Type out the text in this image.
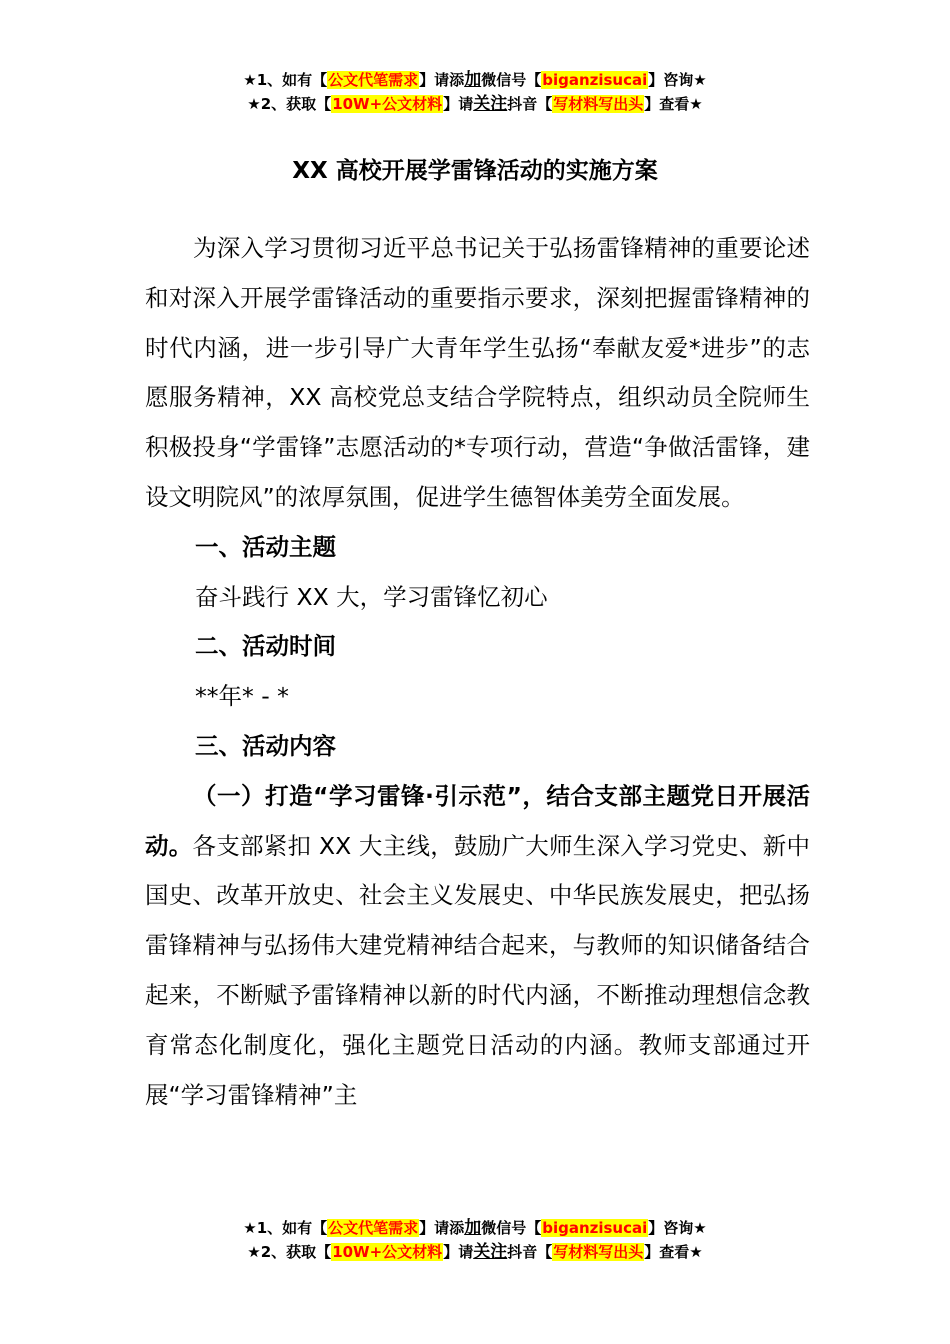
★1、如有【公文代笔需求】请添加微信号【biganzisucai】咨询★
★2、获取【10W+公文材料】请关注抖音【写材料写出头】查看★
XX 高校开展学雷锋活动的实施方案

为深入学习贯彻习近平总书记关于弘扬雷锋精神的重要论述和对深入开展学雷锋活动的重要指示要求，深刻把握雷锋精神的时代内涵，进一步引导广大青年学生弘扬“奉献友爱*进步”的志愿服务精神，XX 高校党总支结合学院特点，组织动员全院师生积极投身“学雷锋”志愿活动的*专项行动，营造“争做活雷锋，建设文明院风”的浓厚氛围，促进学生德智体美劳全面发展。

一、活动主题

奋斗践行 XX 大，学习雷锋忆初心

二、活动时间

**年* - *

三、活动内容

（一）打造“学习雷锋·引示范”，结合支部主题党日开展活动。各支部紧扣 XX 大主线，鼓励广大师生深入学习党史、新中国史、改革开放史、社会主义发展史、中华民族发展史，把弘扬雷锋精神与弘扬伟大建党精神结合起来，与教师的知识储备结合起来，不断赋予雷锋精神以新的时代内涵，不断推动理想信念教育常态化制度化，强化主题党日活动的内涵。教师支部通过开展“学习雷锋精神”主

★1、如有【公文代笔需求】请添加微信号【biganzisucai】咨询★
★2、获取【10W+公文材料】请关注抖音【写材料写出头】查看★
